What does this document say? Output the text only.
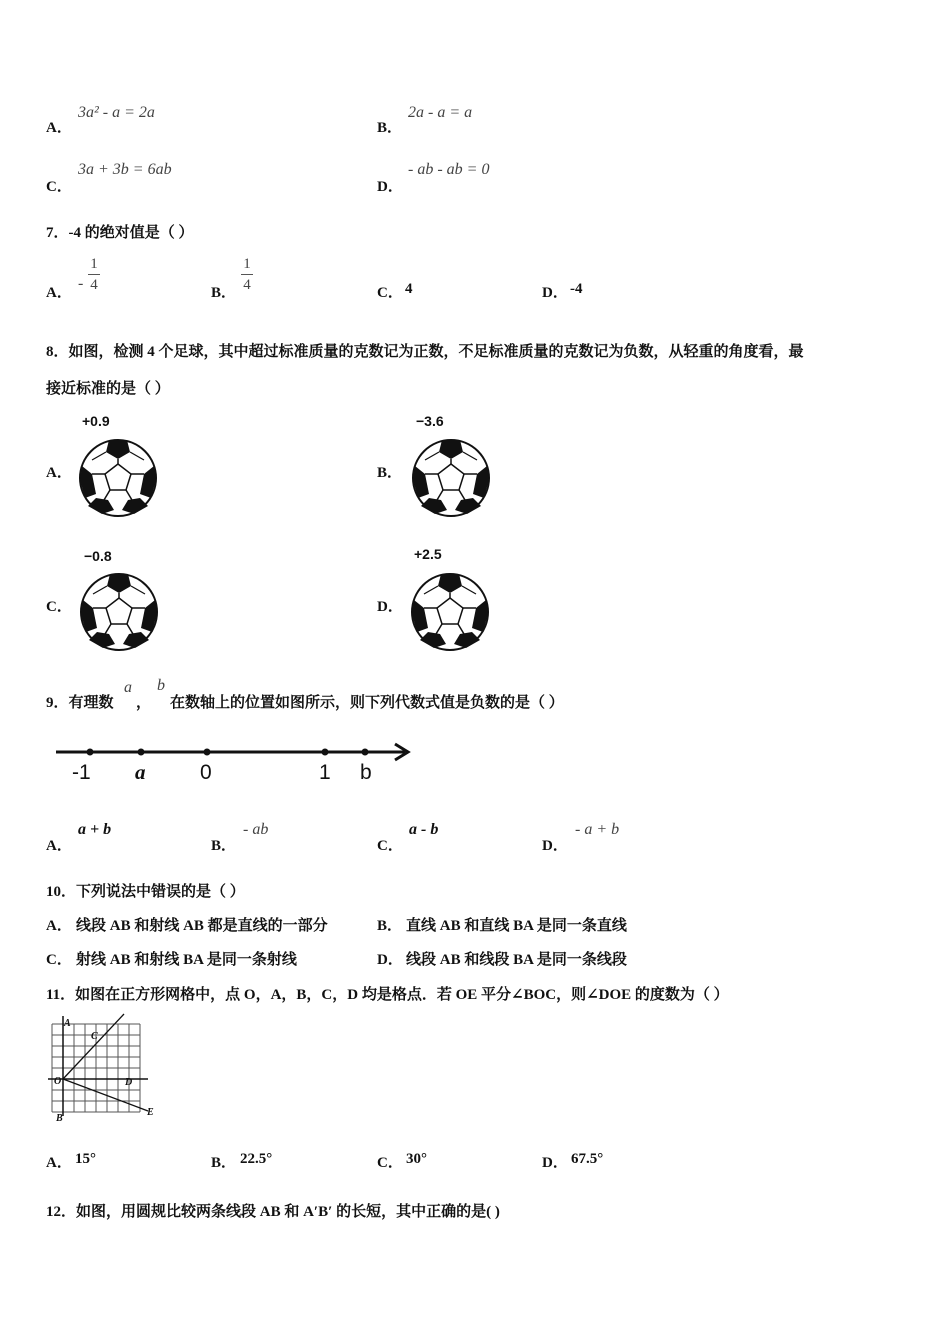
A．
3a² - a = 2a
B．
2a - a = a
C．
3a + 3b = 6ab
D．
- ab - ab = 0
7．-4 的绝对值是（ ）
A．
-
1
4	B．
1
4	C． 4	D． -4
8．如图，检测 4 个足球，其中超过标准质量的克数记为正数，不足标准质量的克数记为负数，从轻重的角度看，最
接近标准的是（ ）
A．
+0.9
B．
−3.6
C．
−0.8
D．
+2.5
9．有理数
a
，
b
在数轴上的位置如图所示，则下列代数式值是负数的是（ ）
-1 a	0	1 b
A．
a + b
B．
- ab
C．
a - b
D．
- a + b
10．下列说法中错误的是（ ）
A． 线段 AB 和射线 AB 都是直线的一部分	B． 直线 AB 和直线 BA 是同一条直线
C． 射线 AB 和射线 BA 是同一条射线	D． 线段 AB 和线段 BA 是同一条线段
11．如图在正方形网格中，点 O，A，B，C，D 均是格点．若 OE 平分∠BOC，则∠DOE 的度数为（ ）
A
C
O	D
B
E
A． 15°	B． 22.5°	C． 30°	D． 67.5°
12．如图，用圆规比较两条线段 AB 和 A′B′ 的长短，其中正确的是( )
